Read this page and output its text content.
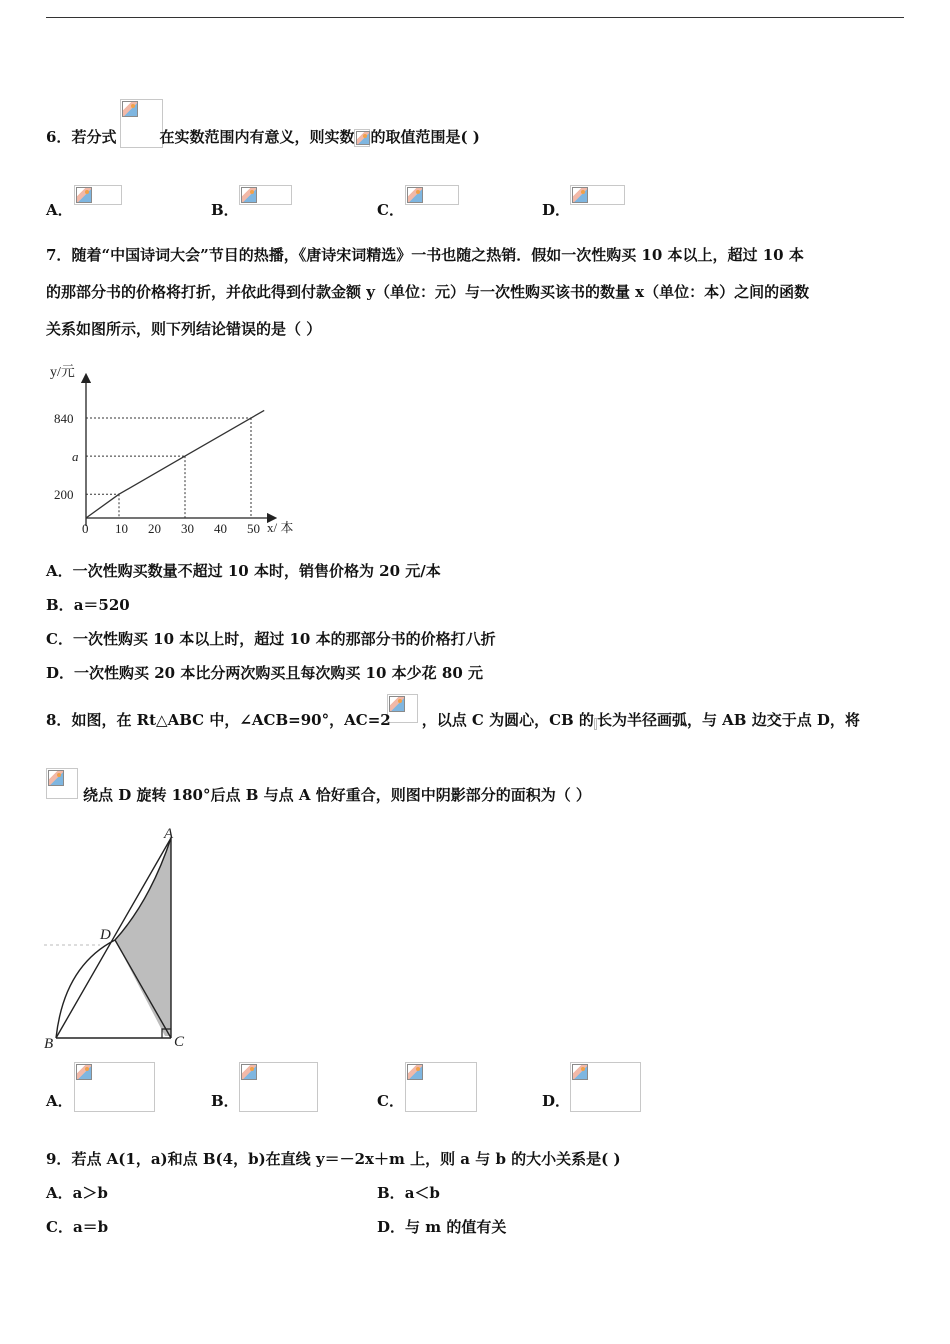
6．若分式	在实数范围内有意义，则实数 的取值范围是( )
A．	B．	C．	D．
7．随着“中国诗词大会”节目的热播，《唐诗宋词精选》一书也随之热销．假如一次性购买 10 本以上，超过 10 本
的那部分书的价格将打折，并依此得到付款金额 y（单位：元）与一次性购买该书的数量 x（单位：本）之间的函数
关系如图所示，则下列结论错误的是（ ）
y/元
x/ 本
0 10 20 30 40 50
200
a
840
A．一次性购买数量不超过 10 本时，销售价格为 20 元/本
B．a＝520
C．一次性购买 10 本以上时，超过 10 本的那部分书的价格打八折
D．一次性购买 20 本比分两次购买且每次购买 10 本少花 80 元
8．如图，在 Rt△ABC 中，∠ACB=90°，AC=2 ，以点 C 为圆心，CB 的 长为半径画弧，与 AB 边交于点 D，将
绕点 D 旋转 180°后点 B 与点 A 恰好重合，则图中阴影部分的面积为（ ）
A
D
B	C
A．	B．	C．	D．
9．若点 A(1，a)和点 B(4，b)在直线 y＝－2x＋m 上，则 a 与 b 的大小关系是( )
A．a＞b	B．a＜b
C．a＝b	D．与 m 的值有关
